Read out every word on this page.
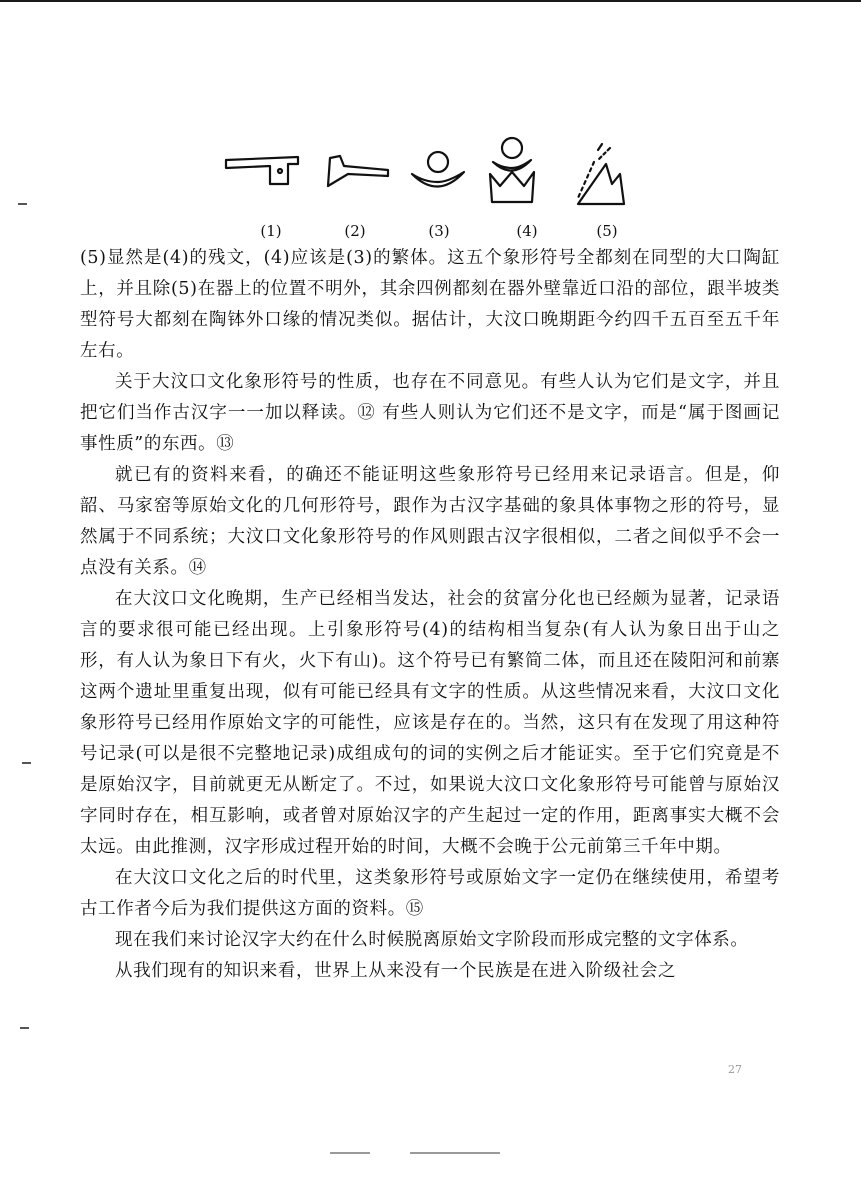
(1)	(2)	(3)	(4)	(5)

(5)显然是(4)的残文，(4)应该是(3)的繁体。这五个象形符号全都刻在同型的大口陶缸上，并且除(5)在器上的位置不明外，其余四例都刻在器外壁靠近口沿的部位，跟半坡类型符号大都刻在陶钵外口缘的情况类似。据估计，大汶口晚期距今约四千五百至五千年左右。

关于大汶口文化象形符号的性质，也存在不同意见。有些人认为它们是文字，并且把它们当作古汉字一一加以释读。⑫ 有些人则认为它们还不是文字，而是“属于图画记事性质”的东西。⑬

就已有的资料来看，的确还不能证明这些象形符号已经用来记录语言。但是，仰韶、马家窑等原始文化的几何形符号，跟作为古汉字基础的象具体事物之形的符号，显然属于不同系统；大汶口文化象形符号的作风则跟古汉字很相似，二者之间似乎不会一点没有关系。⑭

在大汶口文化晚期，生产已经相当发达，社会的贫富分化也已经颇为显著，记录语言的要求很可能已经出现。上引象形符号(4)的结构相当复杂(有人认为象日出于山之形，有人认为象日下有火，火下有山)。这个符号已有繁简二体，而且还在陵阳河和前寨这两个遗址里重复出现，似有可能已经具有文字的性质。从这些情况来看，大汶口文化象形符号已经用作原始文字的可能性，应该是存在的。当然，这只有在发现了用这种符号记录(可以是很不完整地记录)成组成句的词的实例之后才能证实。至于它们究竟是不是原始汉字，目前就更无从断定了。不过，如果说大汶口文化象形符号可能曾与原始汉字同时存在，相互影响，或者曾对原始汉字的产生起过一定的作用，距离事实大概不会太远。由此推测，汉字形成过程开始的时间，大概不会晚于公元前第三千年中期。

在大汶口文化之后的时代里，这类象形符号或原始文字一定仍在继续使用，希望考古工作者今后为我们提供这方面的资料。⑮

现在我们来讨论汉字大约在什么时候脱离原始文字阶段而形成完整的文字体系。

从我们现有的知识来看，世界上从来没有一个民族是在进入阶级社会之

27
